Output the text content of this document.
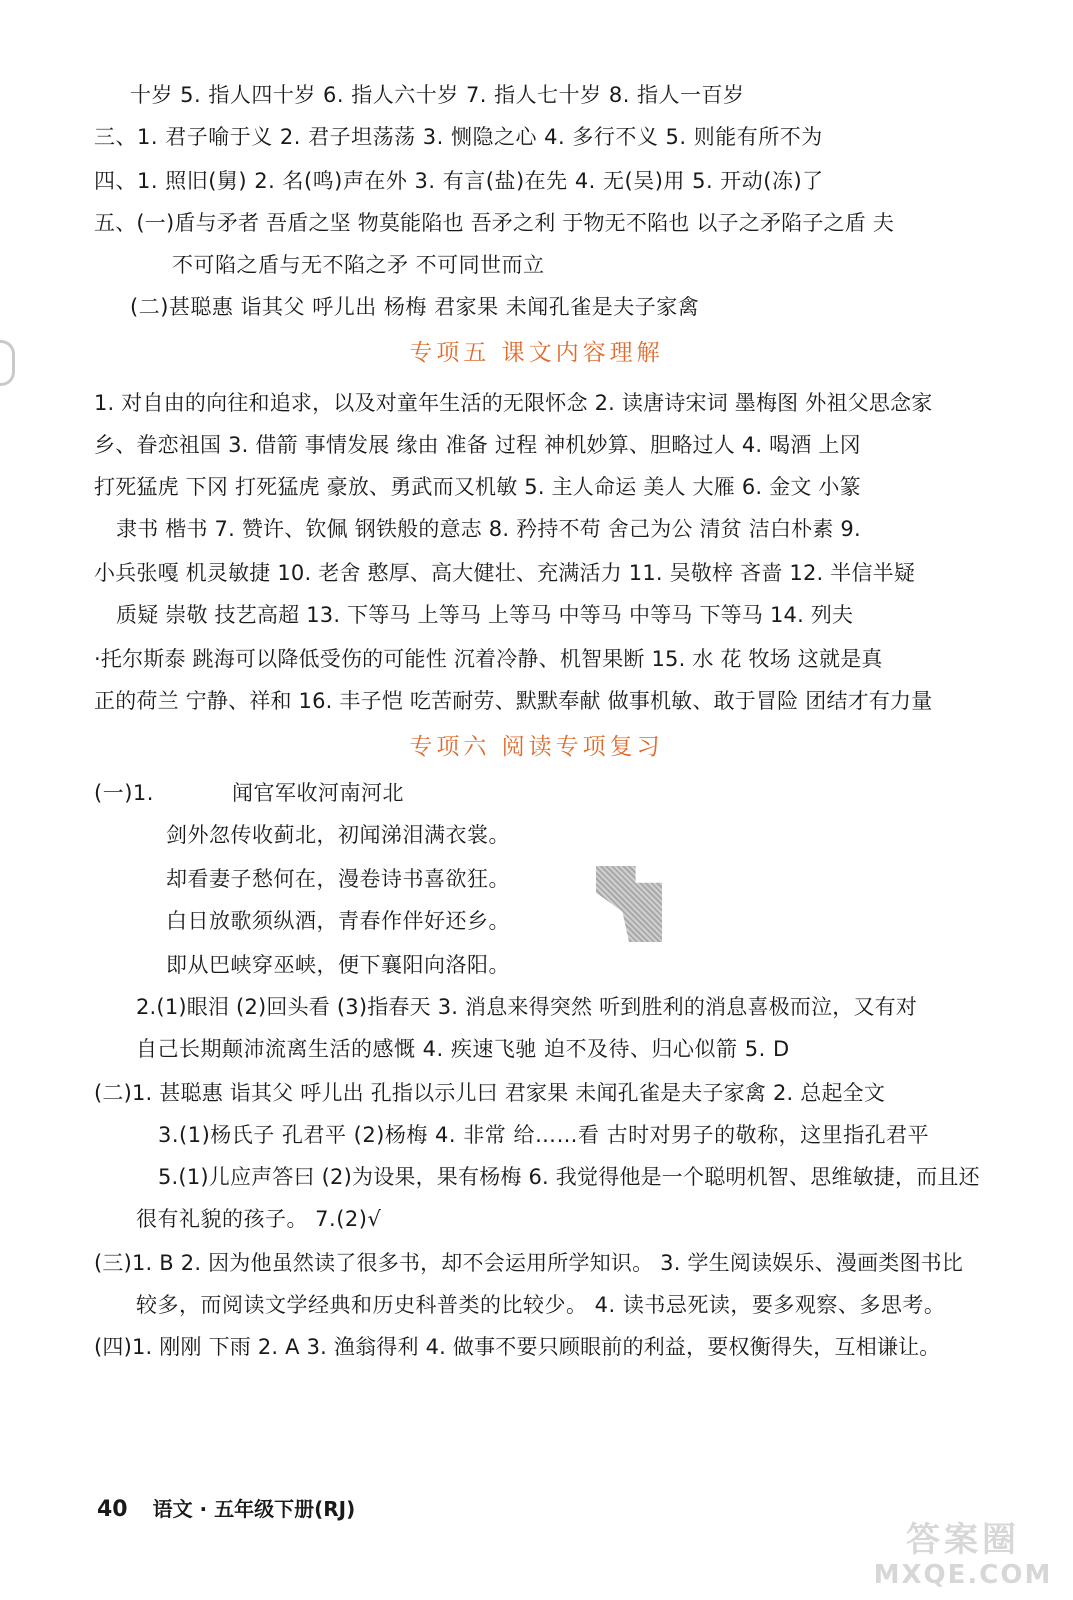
十岁 5. 指人四十岁 6. 指人六十岁 7. 指人七十岁 8. 指人一百岁
三、1. 君子喻于义 2. 君子坦荡荡 3. 恻隐之心 4. 多行不义 5. 则能有所不为
四、1. 照旧(舅) 2. 名(鸣)声在外 3. 有言(盐)在先 4. 无(吴)用 5. 开动(冻)了
五、(一)盾与矛者 吾盾之坚 物莫能陷也 吾矛之利 于物无不陷也 以子之矛陷子之盾 夫
不可陷之盾与无不陷之矛 不可同世而立
(二)甚聪惠 诣其父 呼儿出 杨梅 君家果 未闻孔雀是夫子家禽
专项五 课文内容理解
1. 对自由的向往和追求，以及对童年生活的无限怀念 2. 读唐诗宋词 墨梅图 外祖父思念家
乡、眷恋祖国 3. 借箭 事情发展 缘由 准备 过程 神机妙算、胆略过人 4. 喝酒 上冈
打死猛虎 下冈 打死猛虎 豪放、勇武而又机敏 5. 主人命运 美人 大雁 6. 金文 小篆
隶书 楷书 7. 赞许、钦佩 钢铁般的意志 8. 矜持不苟 舍己为公 清贫 洁白朴素 9.
小兵张嘎 机灵敏捷 10. 老舍 憨厚、高大健壮、充满活力 11. 吴敬梓 吝啬 12. 半信半疑
质疑 崇敬 技艺高超 13. 下等马 上等马 上等马 中等马 中等马 下等马 14. 列夫
·托尔斯泰 跳海可以降低受伤的可能性 沉着冷静、机智果断 15. 水 花 牧场 这就是真
正的荷兰 宁静、祥和 16. 丰子恺 吃苦耐劳、默默奉献 做事机敏、敢于冒险 团结才有力量
专项六 阅读专项复习
(一)1.	闻官军收河南河北
剑外忽传收蓟北，初闻涕泪满衣裳。
却看妻子愁何在，漫卷诗书喜欲狂。
白日放歌须纵酒，青春作伴好还乡。
即从巴峡穿巫峡，便下襄阳向洛阳。
2.(1)眼泪 (2)回头看 (3)指春天 3. 消息来得突然 听到胜利的消息喜极而泣，又有对
自己长期颠沛流离生活的感慨 4. 疾速飞驰 迫不及待、归心似箭 5. D
(二)1. 甚聪惠 诣其父 呼儿出 孔指以示儿曰 君家果 未闻孔雀是夫子家禽 2. 总起全文
3.(1)杨氏子 孔君平 (2)杨梅 4. 非常 给……看 古时对男子的敬称，这里指孔君平
5.(1)儿应声答曰 (2)为设果，果有杨梅 6. 我觉得他是一个聪明机智、思维敏捷，而且还
很有礼貌的孩子。 7.(2)√
(三)1. B 2. 因为他虽然读了很多书，却不会运用所学知识。 3. 学生阅读娱乐、漫画类图书比
较多，而阅读文学经典和历史科普类的比较少。 4. 读书忌死读，要多观察、多思考。
(四)1. 刚刚 下雨 2. A 3. 渔翁得利 4. 做事不要只顾眼前的利益，要权衡得失，互相谦让。
40 语文 · 五年级下册(RJ)
答案圈
MXQE.COM
